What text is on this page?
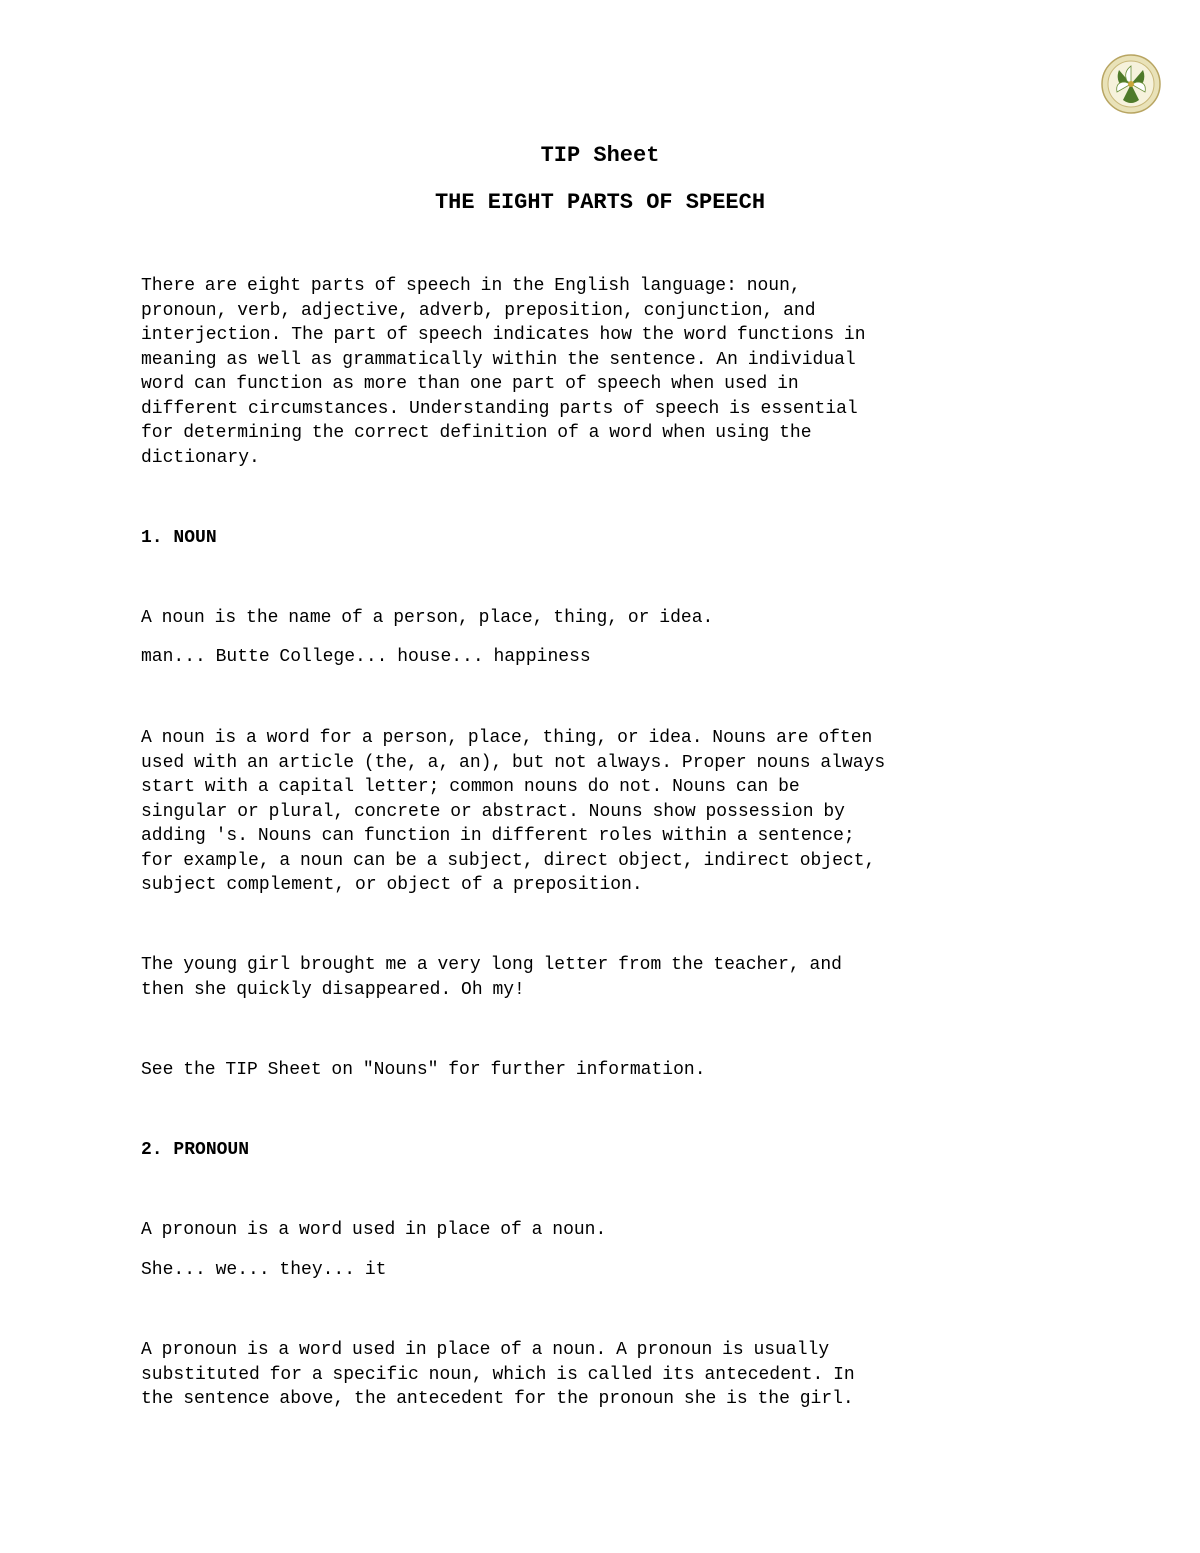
TIP Sheet
THE EIGHT PARTS OF SPEECH

There are eight parts of speech in the English language: noun,
pronoun, verb, adjective, adverb, preposition, conjunction, and
interjection. The part of speech indicates how the word functions in
meaning as well as grammatically within the sentence. An individual
word can function as more than one part of speech when used in
different circumstances. Understanding parts of speech is essential
for determining the correct definition of a word when using the
dictionary.

1. NOUN

A noun is the name of a person, place, thing, or idea.

man... Butte College... house... happiness

A noun is a word for a person, place, thing, or idea. Nouns are often
used with an article (the, a, an), but not always. Proper nouns always
start with a capital letter; common nouns do not. Nouns can be
singular or plural, concrete or abstract. Nouns show possession by
adding 's. Nouns can function in different roles within a sentence;
for example, a noun can be a subject, direct object, indirect object,
subject complement, or object of a preposition.

The young girl brought me a very long letter from the teacher, and
then she quickly disappeared. Oh my!

See the TIP Sheet on "Nouns" for further information.

2. PRONOUN

A pronoun is a word used in place of a noun.

She... we... they... it

A pronoun is a word used in place of a noun. A pronoun is usually
substituted for a specific noun, which is called its antecedent. In
the sentence above, the antecedent for the pronoun she is the girl.
